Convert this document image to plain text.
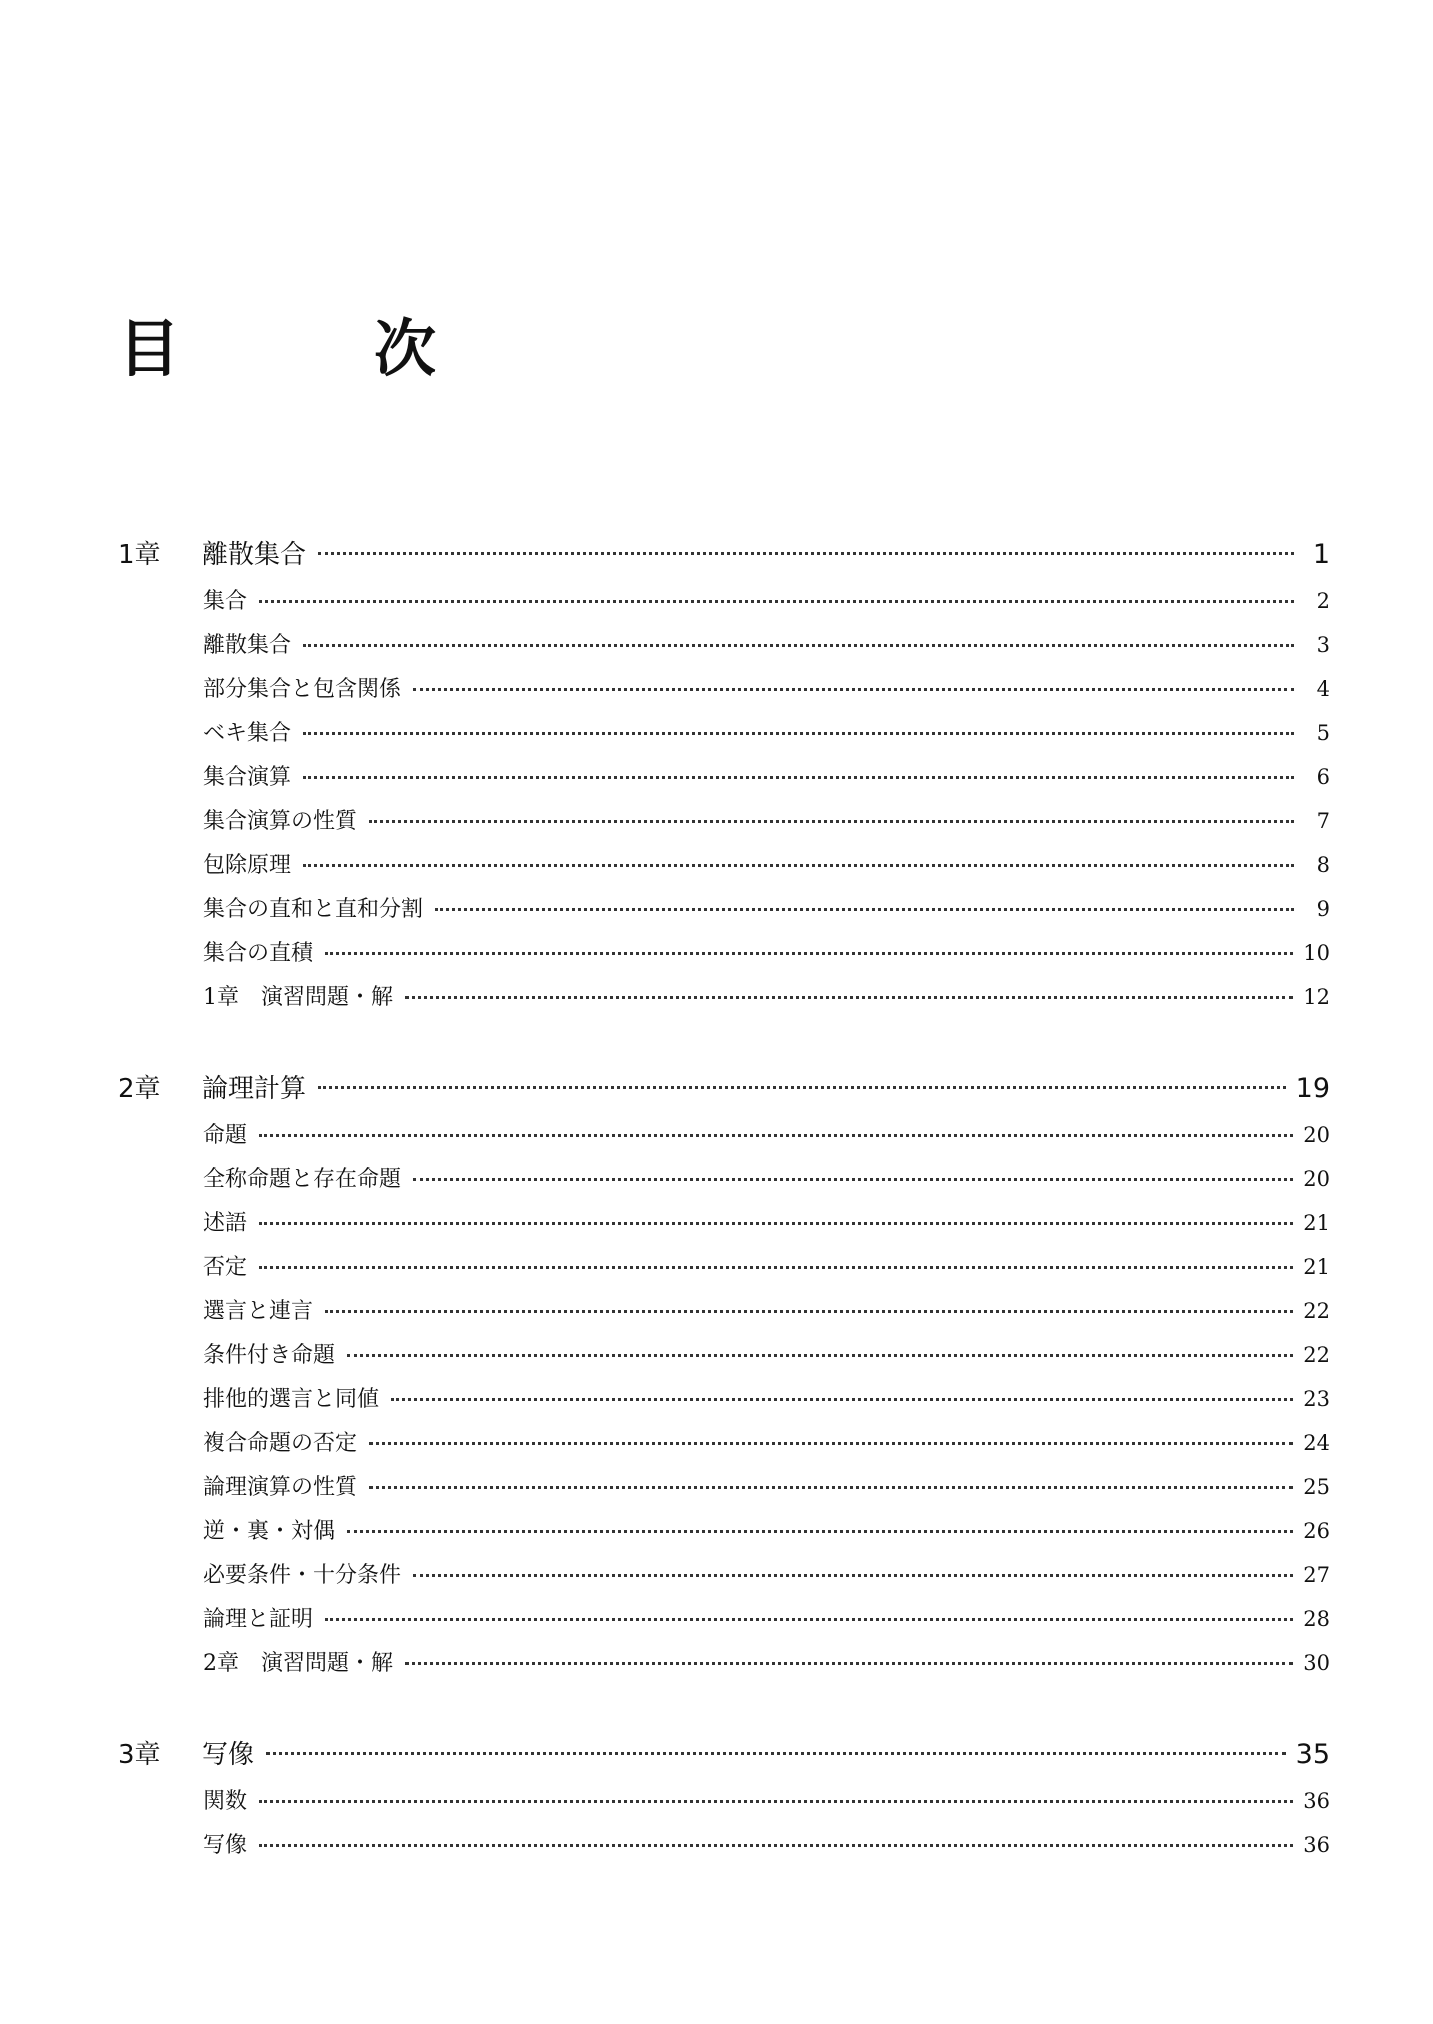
目　次
1章 離散集合	1
集合	2
離散集合	3
部分集合と包含関係	4
ベキ集合	5
集合演算	6
集合演算の性質	7
包除原理	8
集合の直和と直和分割	9
集合の直積	10
1章　演習問題・解	12
2章 論理計算	19
命題	20
全称命題と存在命題	20
述語	21
否定	21
選言と連言	22
条件付き命題	22
排他的選言と同値	23
複合命題の否定	24
論理演算の性質	25
逆・裏・対偶	26
必要条件・十分条件	27
論理と証明	28
2章　演習問題・解	30
3章 写像	35
関数	36
写像	36
